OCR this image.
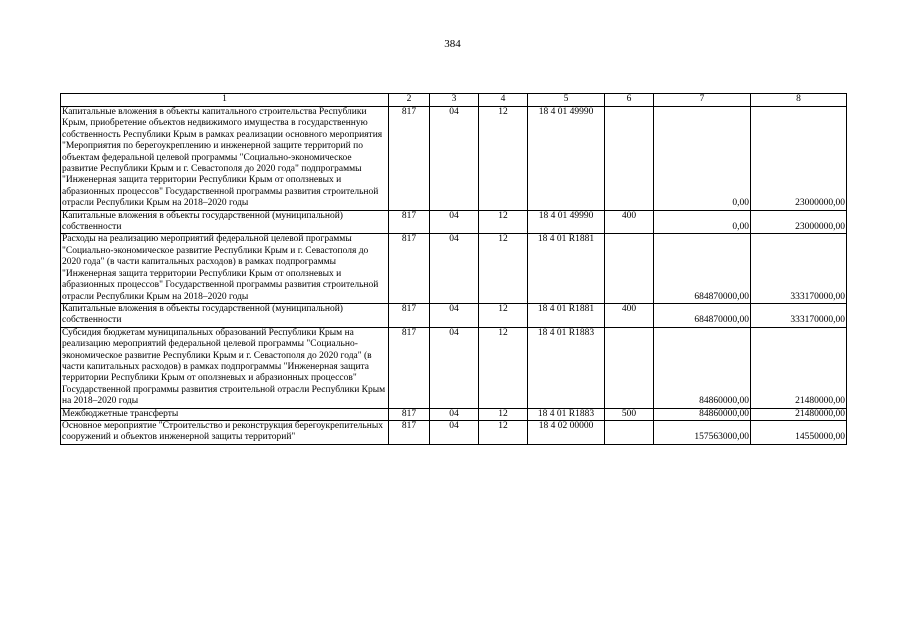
384
1	2	3	4	5	6	7	8
Капитальные вложения в объекты капитального строительства Республики Крым, приобретение объектов недвижимого имущества в государственную собственность Республики Крым в рамках реализации основного мероприятия "Мероприятия по берегоукреплению и инженерной защите территорий по объектам федеральной целевой программы "Социально-экономическое развитие Республики Крым и г. Севастополя до 2020 года" подпрограммы "Инженерная защита территории Республики Крым от оползневых и абразионных процессов" Государственной программы развития строительной отрасли Республики Крым на 2018–2020 годы	817	04	12	18 4 01 49990		0,00	23000000,00
Капитальные вложения в объекты государственной (муниципальной) собственности	817	04	12	18 4 01 49990	400	0,00	23000000,00
Расходы на реализацию мероприятий федеральной целевой программы "Социально-экономическое развитие Республики Крым и г. Севастополя до 2020 года" (в части капитальных расходов) в рамках подпрограммы "Инженерная защита территории Республики Крым от оползневых и абразионных процессов" Государственной программы развития строительной отрасли Республики Крым на 2018–2020 годы	817	04	12	18 4 01 R1881		684870000,00	333170000,00
Капитальные вложения в объекты государственной (муниципальной) собственности	817	04	12	18 4 01 R1881	400	684870000,00	333170000,00
Субсидия бюджетам муниципальных образований Республики Крым на реализацию мероприятий федеральной целевой программы "Социально-экономическое развитие Республики Крым и г. Севастополя до 2020 года" (в части капитальных расходов) в рамках подпрограммы "Инженерная защита территории Республики Крым от оползневых и абразионных процессов" Государственной программы развития строительной отрасли Республики Крым на 2018–2020 годы	817	04	12	18 4 01 R1883		84860000,00	21480000,00
Межбюджетные трансферты	817	04	12	18 4 01 R1883	500	84860000,00	21480000,00
Основное мероприятие "Строительство и реконструкция берегоукрепительных сооружений и объектов инженерной защиты территорий"	817	04	12	18 4 02 00000		157563000,00	14550000,00
